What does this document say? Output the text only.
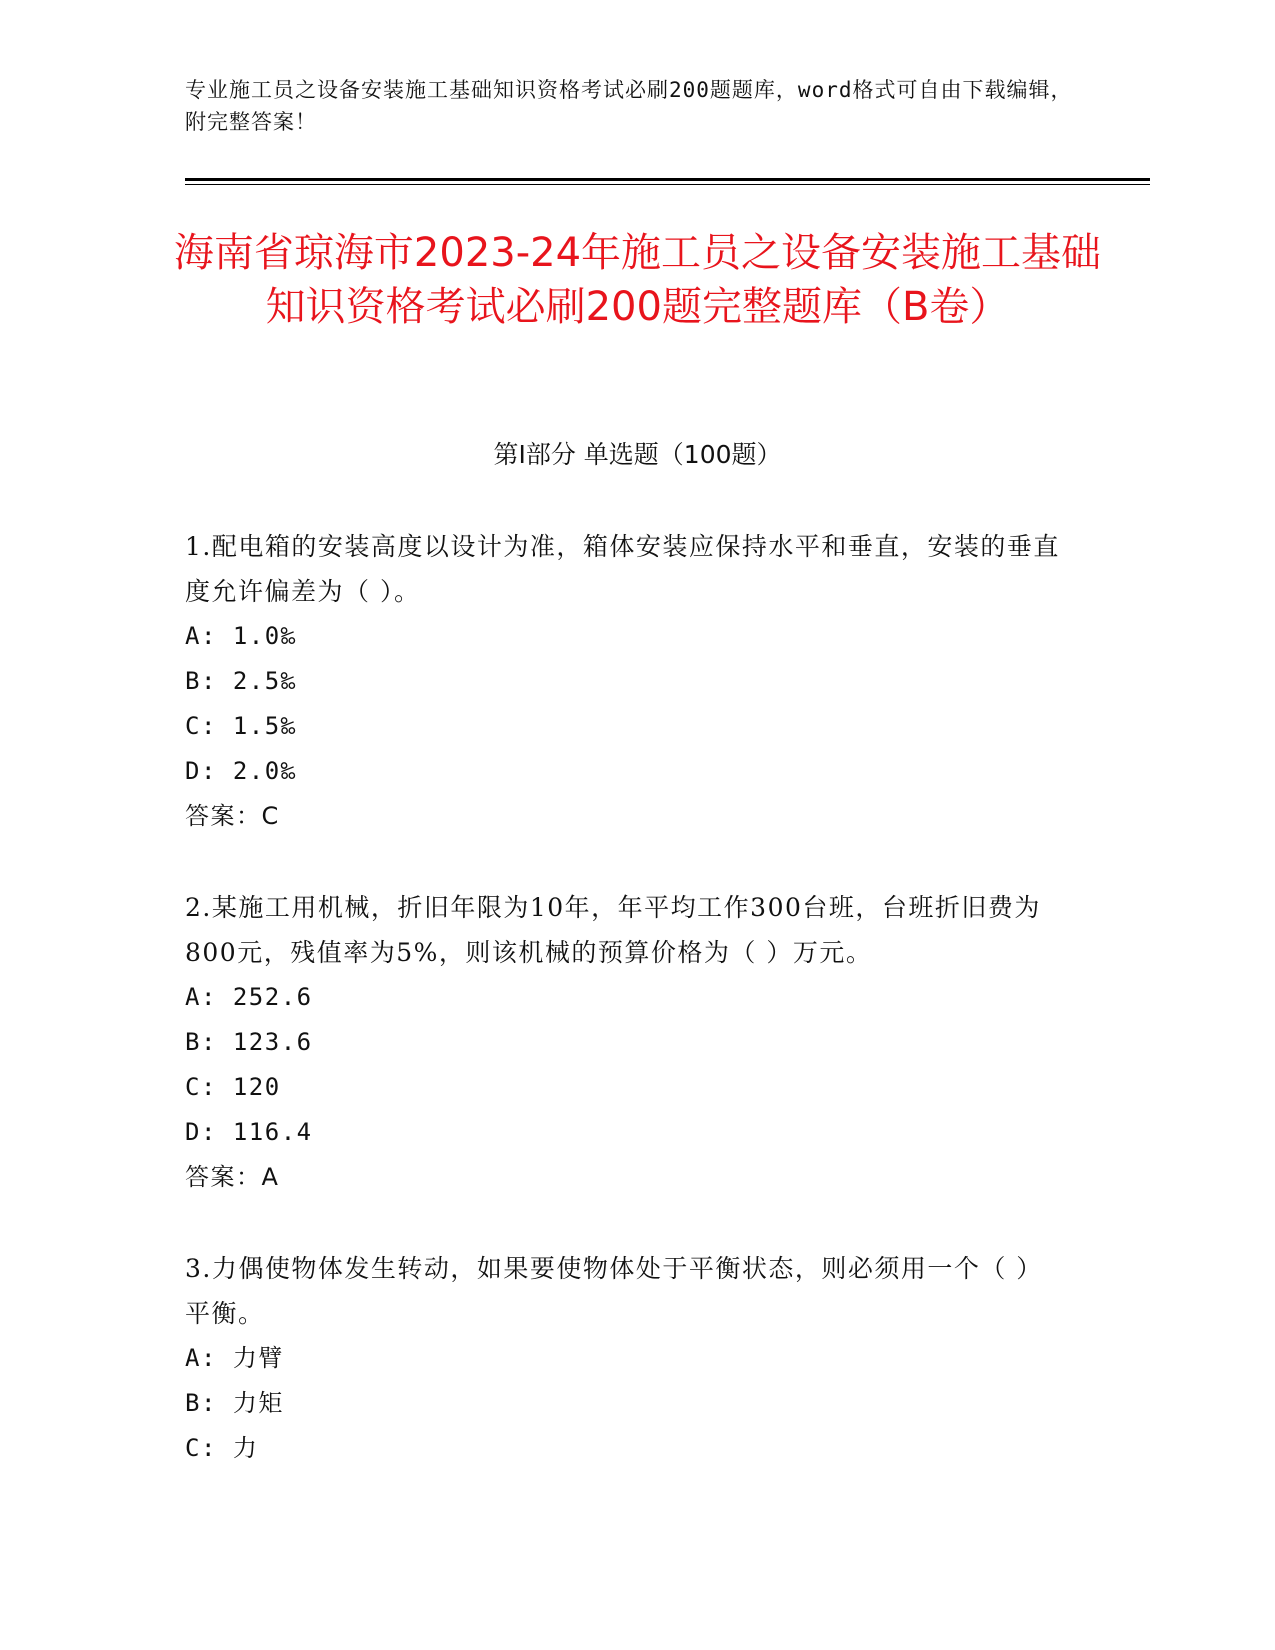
专业施工员之设备安装施工基础知识资格考试必刷200题题库，word格式可自由下载编辑，附完整答案！
海南省琼海市2023-24年施工员之设备安装施工基础知识资格考试必刷200题完整题库（B卷）
第Ⅰ部分 单选题（100题）
1.配电箱的安装高度以设计为准，箱体安装应保持水平和垂直，安装的垂直度允许偏差为（ ）。
A: 1.0‰
B: 2.5‰
C: 1.5‰
D: 2.0‰
答案：C
2.某施工用机械，折旧年限为10年，年平均工作300台班，台班折旧费为800元，残值率为5%，则该机械的预算价格为（ ）万元。
A: 252.6
B: 123.6
C: 120
D: 116.4
答案：A
3.力偶使物体发生转动，如果要使物体处于平衡状态，则必须用一个（ ）平衡。
A: 力臂
B: 力矩
C: 力
